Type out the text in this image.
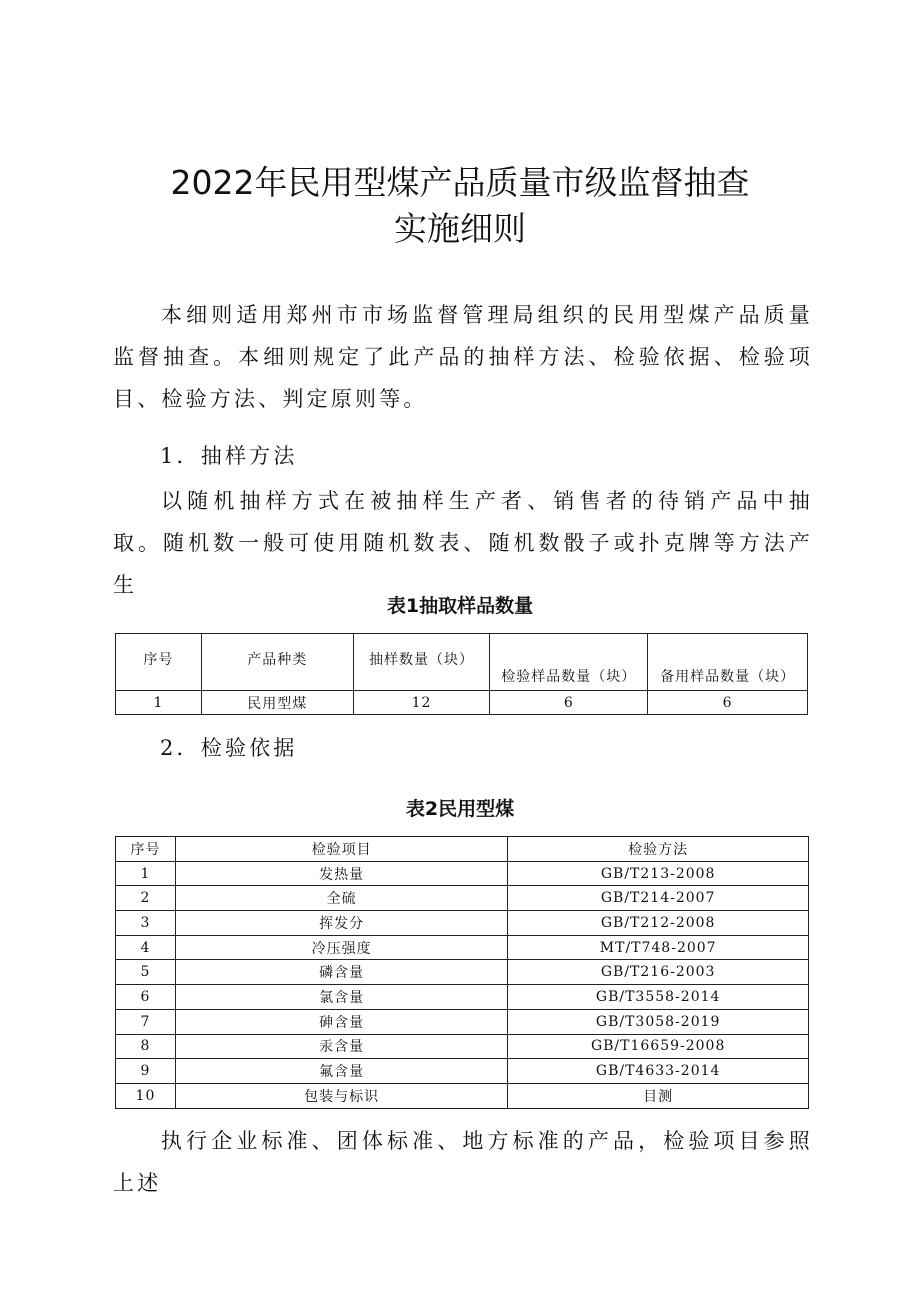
2022年民用型煤产品质量市级监督抽查
实施细则
本细则适用郑州市市场监督管理局组织的民用型煤产品质量监督抽查。本细则规定了此产品的抽样方法、检验依据、检验项目、检验方法、判定原则等。
1．抽样方法
以随机抽样方式在被抽样生产者、销售者的待销产品中抽取。随机数一般可使用随机数表、随机数骰子或扑克牌等方法产生
表1抽取样品数量
序号	产品种类	抽样数量（块）	检验样品数量（块）	备用样品数量（块）
1	民用型煤	12	6	6
2．检验依据
表2民用型煤
序号	检验项目	检验方法
1	发热量	GB/T213-2008
2	全硫	GB/T214-2007
3	挥发分	GB/T212-2008
4	冷压强度	MT/T748-2007
5	磷含量	GB/T216-2003
6	氯含量	GB/T3558-2014
7	砷含量	GB/T3058-2019
8	汞含量	GB/T16659-2008
9	氟含量	GB/T4633-2014
10	包装与标识	目测
执行企业标准、团体标准、地方标准的产品，检验项目参照上述
